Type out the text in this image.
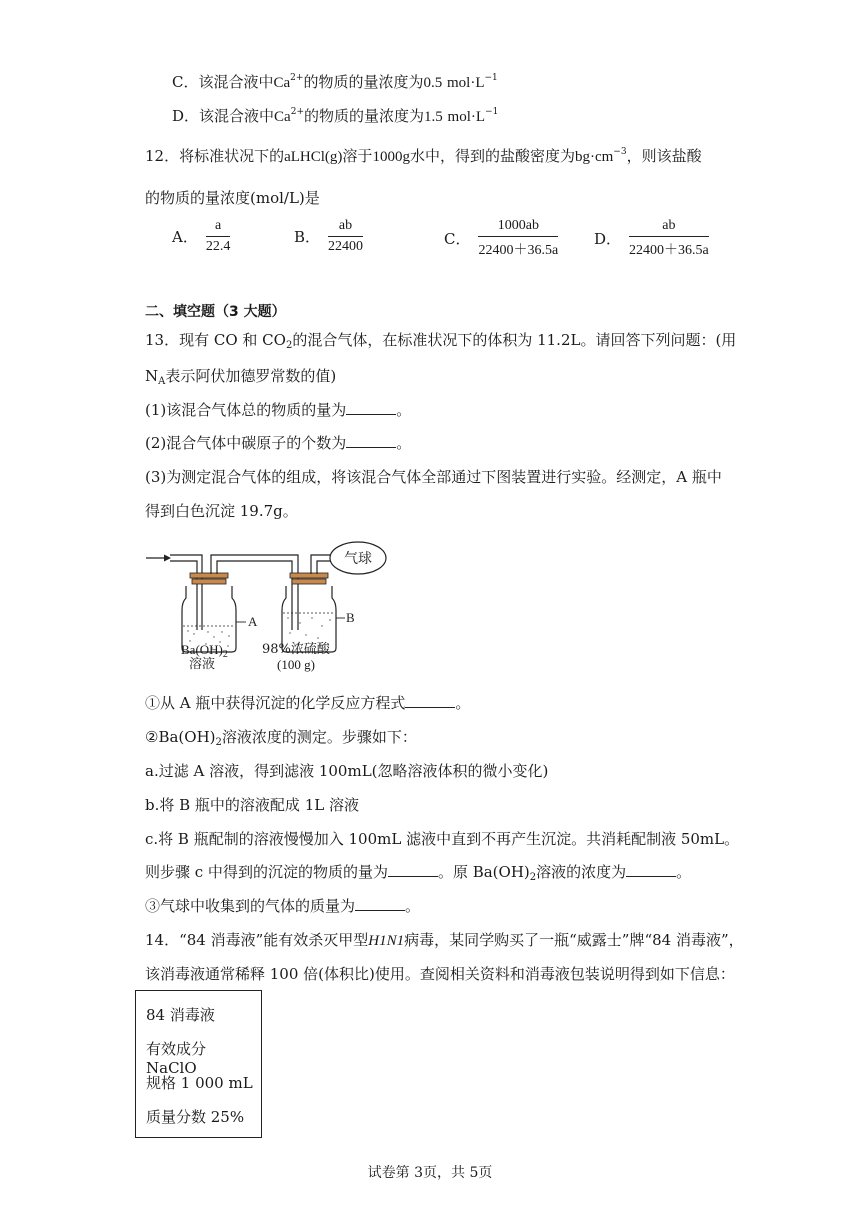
C．该混合液中$Ca^{2+}$的物质的量浓度为0.5 $mol\cdot L^{-1}$
D．该混合液中$Ca^{2+}$的物质的量浓度为1.5 $mol\cdot L^{-1}$
12．将标准状况下的aLHCl(g)溶于1000g水中，得到的盐酸密度为$bg\cdot cm^{-3}$，则该盐酸
的物质的量浓度(mol/L)是
A． $\frac{a}{22.4}$	B． $\frac{ab}{22400}$	C． $\frac{1000ab}{22400+36.5a}$ D． $\frac{ab}{22400+36.5a}$
二、填空题（3 大题）
13．现有 CO 和 $CO_2$的混合气体，在标准状况下的体积为 11.2L。请回答下列问题：(用
$N_A$表示阿伏加德罗常数的值)
(1)该混合气体总的物质的量为	。
(2)混合气体中碳原子的个数为	。
(3)为测定混合气体的组成，将该混合气体全部通过下图装置进行实验。经测定，A 瓶中
得到白色沉淀 19.7g。
A
气球
B
$Ba(OH)_2$
溶液
98%浓硫酸
(100 g)
①从 A 瓶中获得沉淀的化学反应方程式	。
$②Ba(OH)_2$溶液浓度的测定。步骤如下：
a.过滤 A 溶液，得到滤液 100mL(忽略溶液体积的微小变化)
b.将 B 瓶中的溶液配成 1L 溶液
c.将 B 瓶配制的溶液慢慢加入 100mL 滤液中直到不再产生沉淀。共消耗配制液 50mL。
则步骤 c 中得到的沉淀的物质的量为	。原 $Ba(OH)_2$溶液的浓度为	。
③气球中收集到的气体的质量为	。
14．“84 消毒液”能有效杀灭甲型H1N1病毒，某同学购买了一瓶“威露士”牌“84 消毒液”，
该消毒液通常稀释 100 倍(体积比)使用。查阅相关资料和消毒液包装说明得到如下信息：
84 消毒液
有效成分 NaClO
规格 1 000 mL
质量分数 25%
试卷第 3页，共 5页
